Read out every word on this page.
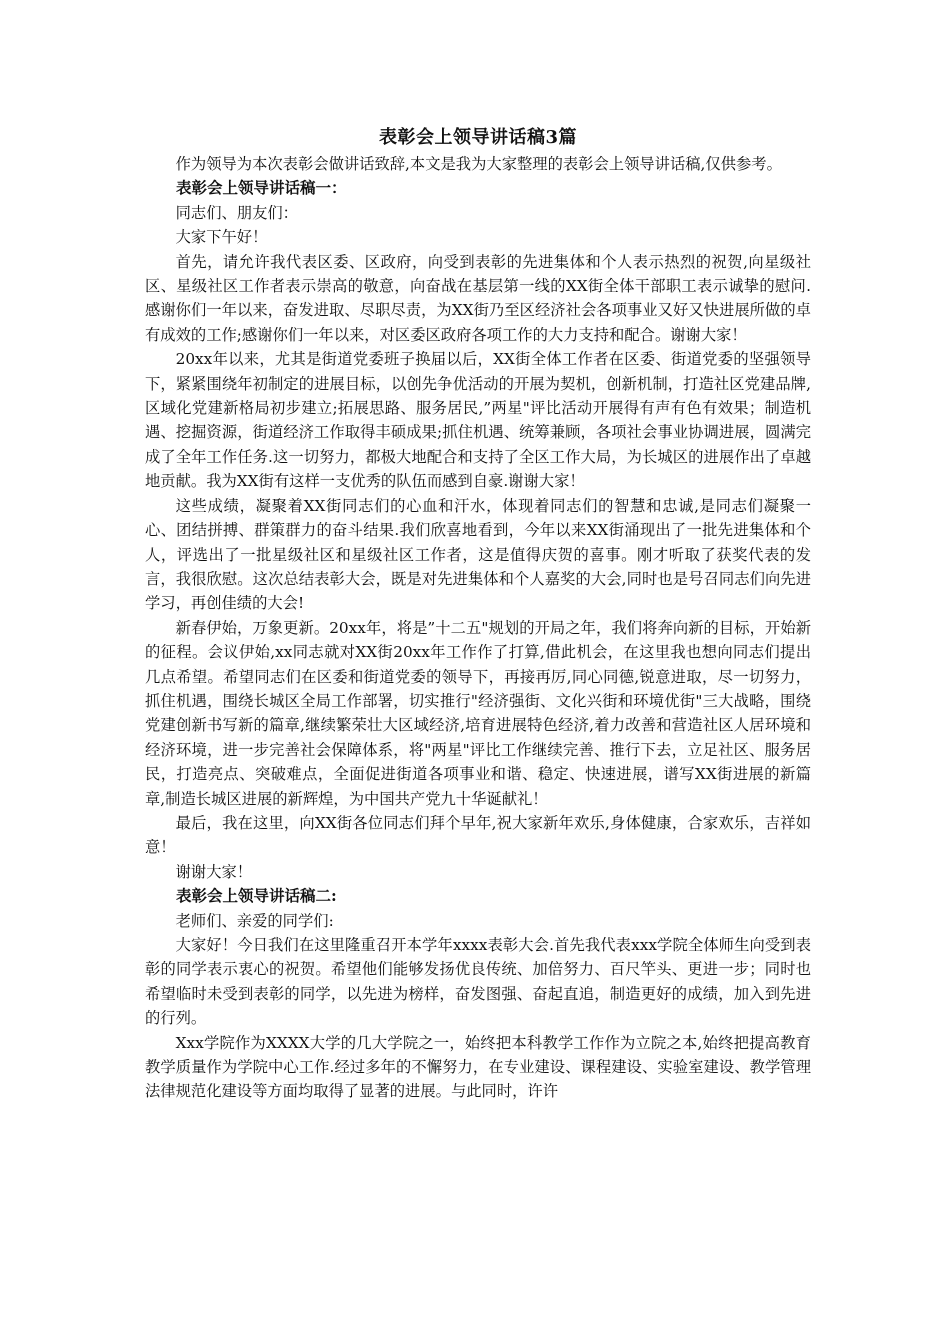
表彰会上领导讲话稿3篇

作为领导为本次表彰会做讲话致辞,本文是我为大家整理的表彰会上领导讲话稿,仅供参考。

表彰会上领导讲话稿一：

同志们、朋友们：

大家下午好！

首先，请允许我代表区委、区政府，向受到表彰的先进集体和个人表示热烈的祝贺,向星级社区、星级社区工作者表示崇高的敬意，向奋战在基层第一线的XX街全体干部职工表示诚挚的慰问.感谢你们一年以来，奋发进取、尽职尽责，为XX街乃至区经济社会各项事业又好又快进展所做的卓有成效的工作;感谢你们一年以来，对区委区政府各项工作的大力支持和配合。谢谢大家！

20xx年以来，尤其是街道党委班子换届以后，XX街全体工作者在区委、街道党委的坚强领导下，紧紧围绕年初制定的进展目标，以创先争优活动的开展为契机，创新机制，打造社区党建品牌,区域化党建新格局初步建立;拓展思路、服务居民,”两星"评比活动开展得有声有色有效果；制造机遇、挖掘资源，街道经济工作取得丰硕成果;抓住机遇、统筹兼顾，各项社会事业协调进展，圆满完成了全年工作任务.这一切努力，都极大地配合和支持了全区工作大局，为长城区的进展作出了卓越地贡献。我为XX街有这样一支优秀的队伍而感到自豪.谢谢大家！

这些成绩，凝聚着XX街同志们的心血和汗水，体现着同志们的智慧和忠诚,是同志们凝聚一心、团结拼搏、群策群力的奋斗结果.我们欣喜地看到，今年以来XX街涌现出了一批先进集体和个人，评选出了一批星级社区和星级社区工作者，这是值得庆贺的喜事。刚才听取了获奖代表的发言，我很欣慰。这次总结表彰大会，既是对先进集体和个人嘉奖的大会,同时也是号召同志们向先进学习，再创佳绩的大会!

新春伊始，万象更新。20xx年，将是”十二五"规划的开局之年，我们将奔向新的目标，开始新的征程。会议伊始,xx同志就对XX街20xx年工作作了打算,借此机会，在这里我也想向同志们提出几点希望。希望同志们在区委和街道党委的领导下，再接再厉,同心同德,锐意进取，尽一切努力，抓住机遇，围绕长城区全局工作部署，切实推行"经济强街、文化兴街和环境优街"三大战略，围绕党建创新书写新的篇章,继续繁荣壮大区域经济,培育进展特色经济,着力改善和营造社区人居环境和经济环境，进一步完善社会保障体系，将"两星"评比工作继续完善、推行下去，立足社区、服务居民，打造亮点、突破难点，全面促进街道各项事业和谐、稳定、快速进展，谱写XX街进展的新篇章,制造长城区进展的新辉煌，为中国共产党九十华诞献礼！

最后，我在这里，向XX街各位同志们拜个早年,祝大家新年欢乐,身体健康，合家欢乐，吉祥如意！

谢谢大家！

表彰会上领导讲话稿二:

老师们、亲爱的同学们:

大家好！今日我们在这里隆重召开本学年xxxx表彰大会.首先我代表xxx学院全体师生向受到表彰的同学表示衷心的祝贺。希望他们能够发扬优良传统、加倍努力、百尺竿头、更进一步；同时也希望临时未受到表彰的同学，以先进为榜样，奋发图强、奋起直追，制造更好的成绩，加入到先进的行列。

Xxx学院作为XXXX大学的几大学院之一，始终把本科教学工作作为立院之本,始终把提高教育教学质量作为学院中心工作.经过多年的不懈努力，在专业建设、课程建设、实验室建设、教学管理法律规范化建设等方面均取得了显著的进展。与此同时，许许
